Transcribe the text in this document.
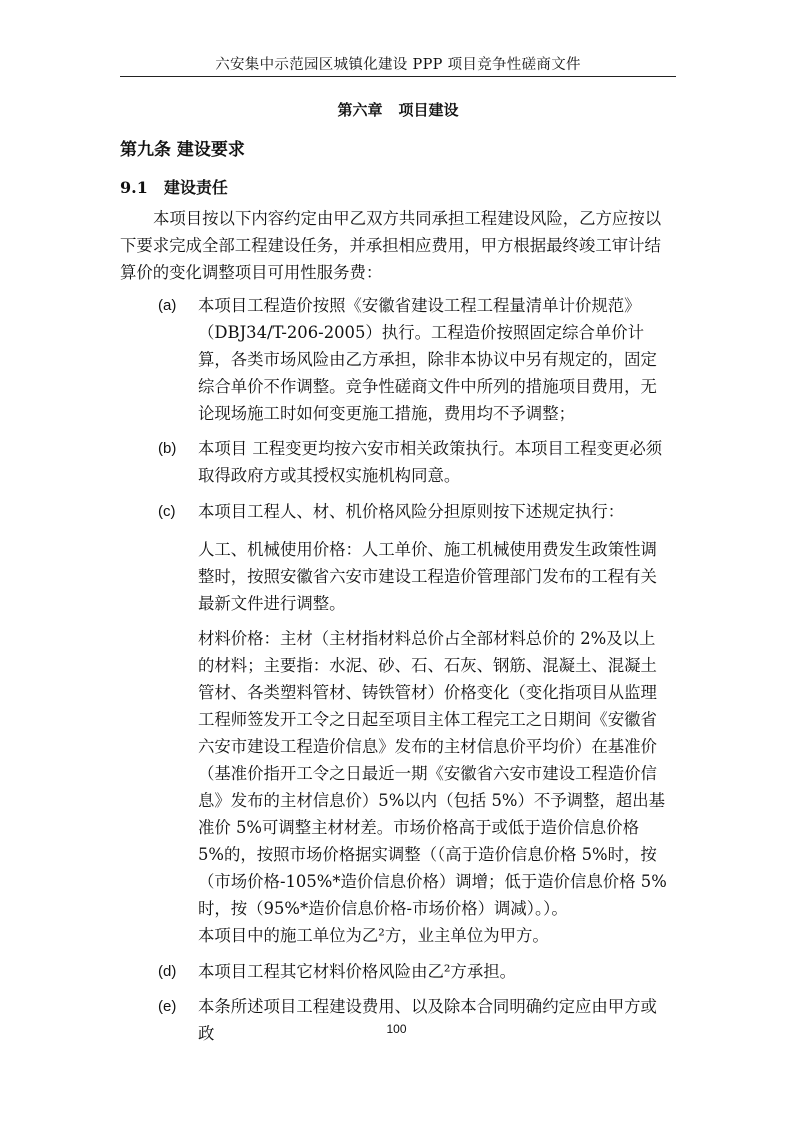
六安集中示范园区城镇化建设 PPP 项目竞争性磋商文件
第六章 项目建设
第九条 建设要求
9.1 建设责任

本项目按以下内容约定由甲乙双方共同承担工程建设风险，乙方应按以下要求完成全部工程建设任务，并承担相应费用，甲方根据最终竣工审计结算价的变化调整项目可用性服务费：

(a) 本项目工程造价按照《安徽省建设工程工程量清单计价规范》（DBJ34/T-206-2005）执行。工程造价按照固定综合单价计算，各类市场风险由乙方承担，除非本协议中另有规定的，固定综合单价不作调整。竞争性磋商文件中所列的措施项目费用，无论现场施工时如何变更施工措施，费用均不予调整；

(b) 本项目 工程变更均按六安市相关政策执行。本项目工程变更必须取得政府方或其授权实施机构同意。

(c) 本项目工程人、材、机价格风险分担原则按下述规定执行：

人工、机械使用价格：人工单价、施工机械使用费发生政策性调整时，按照安徽省六安市建设工程造价管理部门发布的工程有关最新文件进行调整。

材料价格：主材（主材指材料总价占全部材料总价的 2%及以上的材料；主要指：水泥、砂、石、石灰、钢筋、混凝土、混凝土管材、各类塑料管材、铸铁管材）价格变化（变化指项目从监理工程师签发开工令之日起至项目主体工程完工之日期间《安徽省六安市建设工程造价信息》发布的主材信息价平均价）在基准价（基准价指开工令之日最近一期《安徽省六安市建设工程造价信息》发布的主材信息价）5%以内（包括 5%）不予调整，超出基准价 5%可调整主材材差。市场价格高于或低于造价信息价格 5%的，按照市场价格据实调整（（高于造价信息价格 5%时，按（市场价格-105%*造价信息价格）调增；低于造价信息价格 5%时，按（95%*造价信息价格-市场价格）调减）。）。

本项目中的施工单位为乙²方，业主单位为甲方。

(d) 本项目工程其它材料价格风险由乙²方承担。

(e) 本条所述项目工程建设费用、以及除本合同明确约定应由甲方或政	100
